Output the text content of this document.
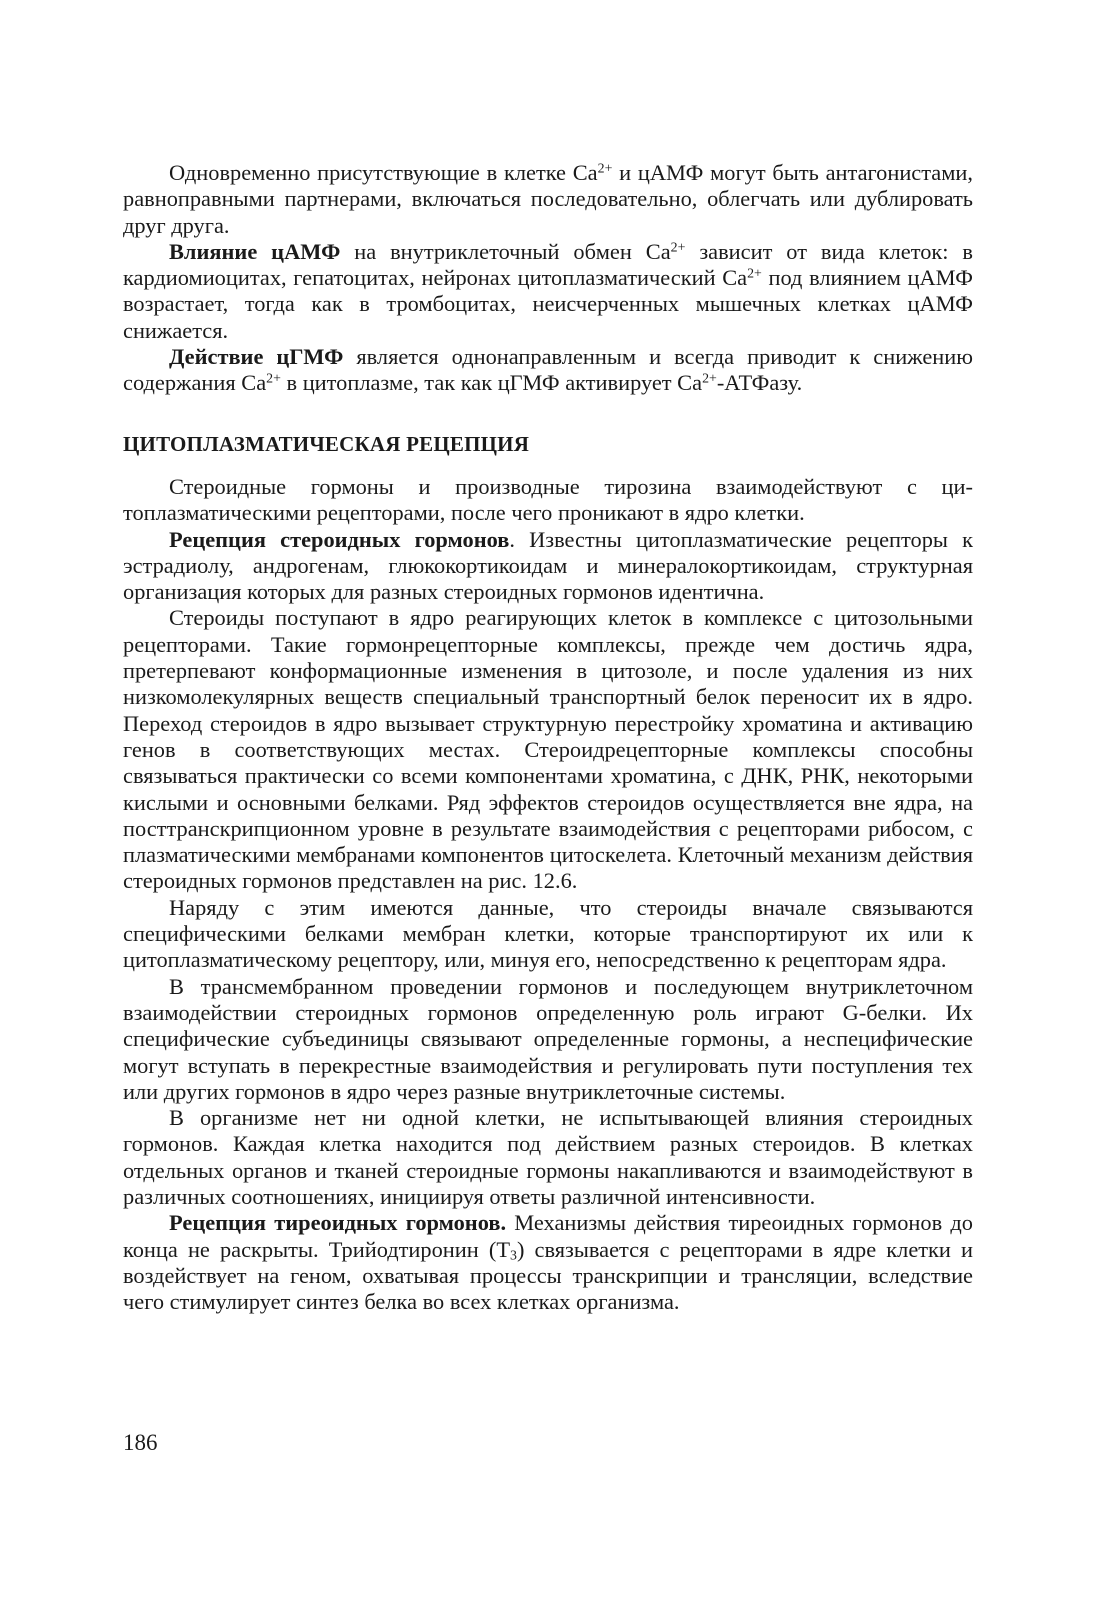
Одновременно присутствующие в клетке $Ca^{2+}$ и цАМФ могут быть антагонистами, равноправными партнерами, включаться последовательно, облегчать или дублировать друг друга.

Влияние цАМФ на внутриклеточный обмен $Ca^{2+}$ зависит от вида клеток: в кардиомиоцитах, гепатоцитах, нейронах цитоплазматический $Ca^{2+}$ под влиянием цАМФ возрастает, тогда как в тромбоцитах, неисчерченных мышечных клетках цАМФ снижается.

Действие цГМФ является однонаправленным и всегда приводит к снижению содержания $Ca^{2+}$ в цитоплазме, так как цГМФ активирует $Ca^{2+}$-АТФазу.

ЦИТОПЛАЗМАТИЧЕСКАЯ РЕЦЕПЦИЯ

Стероидные гормоны и производные тирозина взаимодействуют с цитоплазматическими рецепторами, после чего проникают в ядро клетки.

Рецепция стероидных гормонов. Известны цитоплазматические рецепторы к эстрадиолу, андрогенам, глюкокортикоидам и минералокортикоидам, структурная организация которых для разных стероидных гормонов идентична.

Стероиды поступают в ядро реагирующих клеток в комплексе с цитозольными рецепторами. Такие гормонрецепторные комплексы, прежде чем достичь ядра, претерпевают конформационные изменения в цитозоле, и после удаления из них низкомолекулярных веществ специальный транспортный белок переносит их в ядро. Переход стероидов в ядро вызывает структурную перестройку хроматина и активацию генов в соответствующих местах. Стероидрецепторные комплексы способны связываться практически со всеми компонентами хроматина, с ДНК, РНК, некоторыми кислыми и основными белками. Ряд эффектов стероидов осуществляется вне ядра, на посттранскрипционном уровне в результате взаимодействия с рецепторами рибосом, с плазматическими мембранами компонентов цитоскелета. Клеточный механизм действия стероидных гормонов представлен на рис. 12.6.

Наряду с этим имеются данные, что стероиды вначале связываются специфическими белками мембран клетки, которые транспортируют их или к цитоплазматическому рецептору, или, минуя его, непосредственно к рецепторам ядра.

В трансмембранном проведении гормонов и последующем внутриклеточном взаимодействии стероидных гормонов определенную роль играют G-белки. Их специфические субъединицы связывают определенные гормоны, а неспецифические могут вступать в перекрестные взаимодействия и регулировать пути поступления тех или других гормонов в ядро через разные внутриклеточные системы.

В организме нет ни одной клетки, не испытывающей влияния стероидных гормонов. Каждая клетка находится под действием разных стероидов. В клетках отдельных органов и тканей стероидные гормоны накапливаются и взаимодействуют в различных соотношениях, инициируя ответы различной интенсивности.

Рецепция тиреоидных гормонов. Механизмы действия тиреоидных гормонов до конца не раскрыты. Трийодтиронин $(T_3)$ связывается с рецепторами в ядре клетки и воздействует на геном, охватывая процессы транскрипции и трансляции, вследствие чего стимулирует синтез белка во всех клетках организма.

186
